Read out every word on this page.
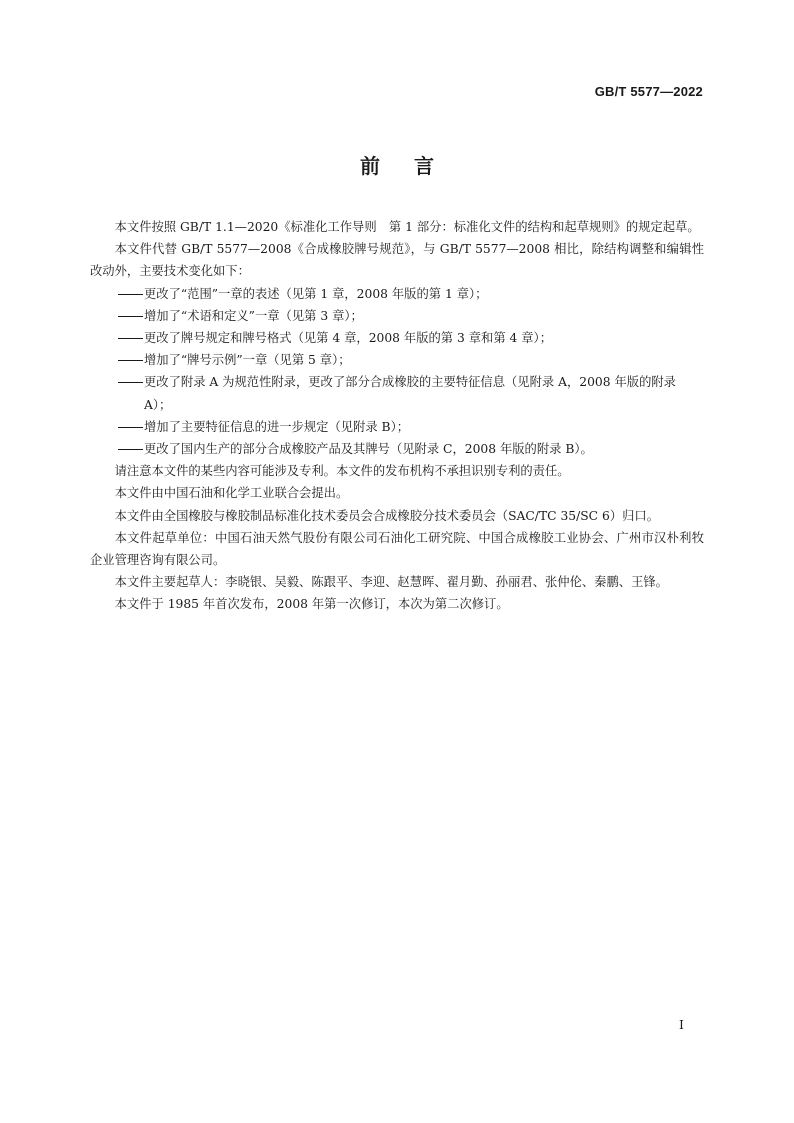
GB/T 5577—2022
前言

本文件按照 GB/T 1.1—2020《标准化工作导则　第 1 部分：标准化文件的结构和起草规则》的规定起草。

本文件代替 GB/T 5577—2008《合成橡胶牌号规范》，与 GB/T 5577—2008 相比，除结构调整和编辑性改动外，主要技术变化如下：

更改了“范围”一章的表述（见第 1 章，2008 年版的第 1 章）；
增加了“术语和定义”一章（见第 3 章）；
更改了牌号规定和牌号格式（见第 4 章，2008 年版的第 3 章和第 4 章）；
增加了“牌号示例”一章（见第 5 章）；
更改了附录 A 为规范性附录，更改了部分合成橡胶的主要特征信息（见附录 A，2008 年版的附录 A）；
增加了主要特征信息的进一步规定（见附录 B）；
更改了国内生产的部分合成橡胶产品及其牌号（见附录 C，2008 年版的附录 B）。

请注意本文件的某些内容可能涉及专利。本文件的发布机构不承担识别专利的责任。

本文件由中国石油和化学工业联合会提出。

本文件由全国橡胶与橡胶制品标准化技术委员会合成橡胶分技术委员会（SAC/TC 35/SC 6）归口。

本文件起草单位：中国石油天然气股份有限公司石油化工研究院、中国合成橡胶工业协会、广州市汉朴利牧企业管理咨询有限公司。

本文件主要起草人：李晓银、吴毅、陈跟平、李迎、赵慧晖、翟月勤、孙丽君、张仲伦、秦鹏、王锋。

本文件于 1985 年首次发布，2008 年第一次修订，本次为第二次修订。

I
